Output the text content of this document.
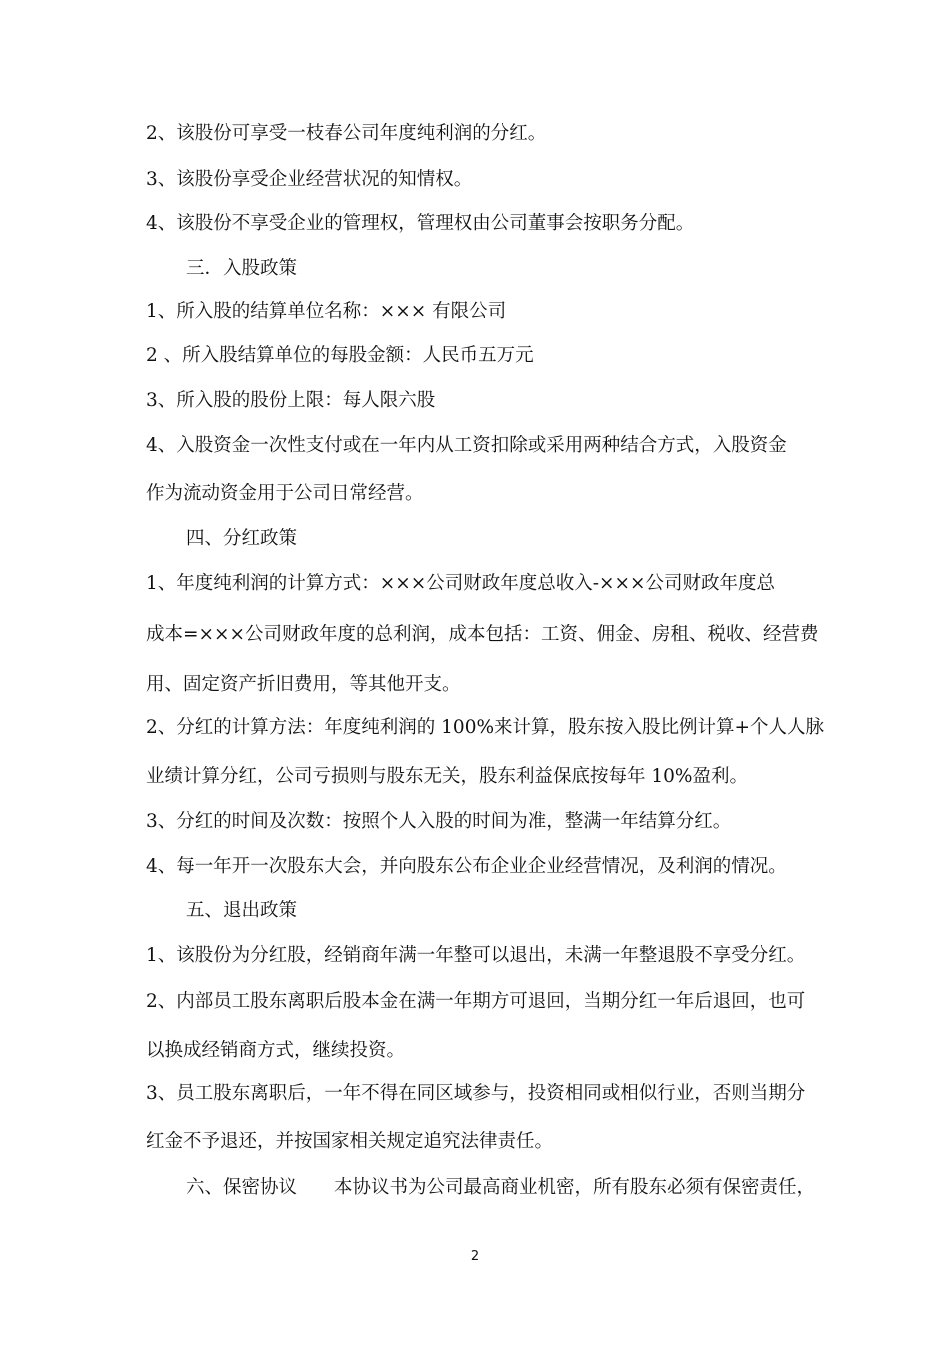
2、该股份可享受一枝春公司年度纯利润的分红。
3、该股份享受企业经营状况的知情权。
4、该股份不享受企业的管理权，管理权由公司董事会按职务分配。
三．入股政策
1、所入股的结算单位名称：××× 有限公司
2 、所入股结算单位的每股金额：人民币五万元
3、所入股的股份上限：每人限六股
4、入股资金一次性支付或在一年内从工资扣除或采用两种结合方式，入股资金
作为流动资金用于公司日常经营。
四、分红政策
1、年度纯利润的计算方式：×××公司财政年度总收入-×××公司财政年度总
成本=×××公司财政年度的总利润，成本包括：工资、佣金、房租、税收、经营费
用、固定资产折旧费用，等其他开支。
2、分红的计算方法：年度纯利润的 100%来计算，股东按入股比例计算+个人人脉
业绩计算分红，公司亏损则与股东无关，股东利益保底按每年 10%盈利。
3、分红的时间及次数：按照个人入股的时间为准，整满一年结算分红。
4、每一年开一次股东大会，并向股东公布企业企业经营情况，及利润的情况。
五、退出政策
1、该股份为分红股，经销商年满一年整可以退出，未满一年整退股不享受分红。
2、内部员工股东离职后股本金在满一年期方可退回，当期分红一年后退回，也可
以换成经销商方式，继续投资。
3、员工股东离职后，一年不得在同区域参与，投资相同或相似行业，否则当期分
红金不予退还，并按国家相关规定追究法律责任。
六、保密协议　　本协议书为公司最高商业机密，所有股东必须有保密责任，
2
